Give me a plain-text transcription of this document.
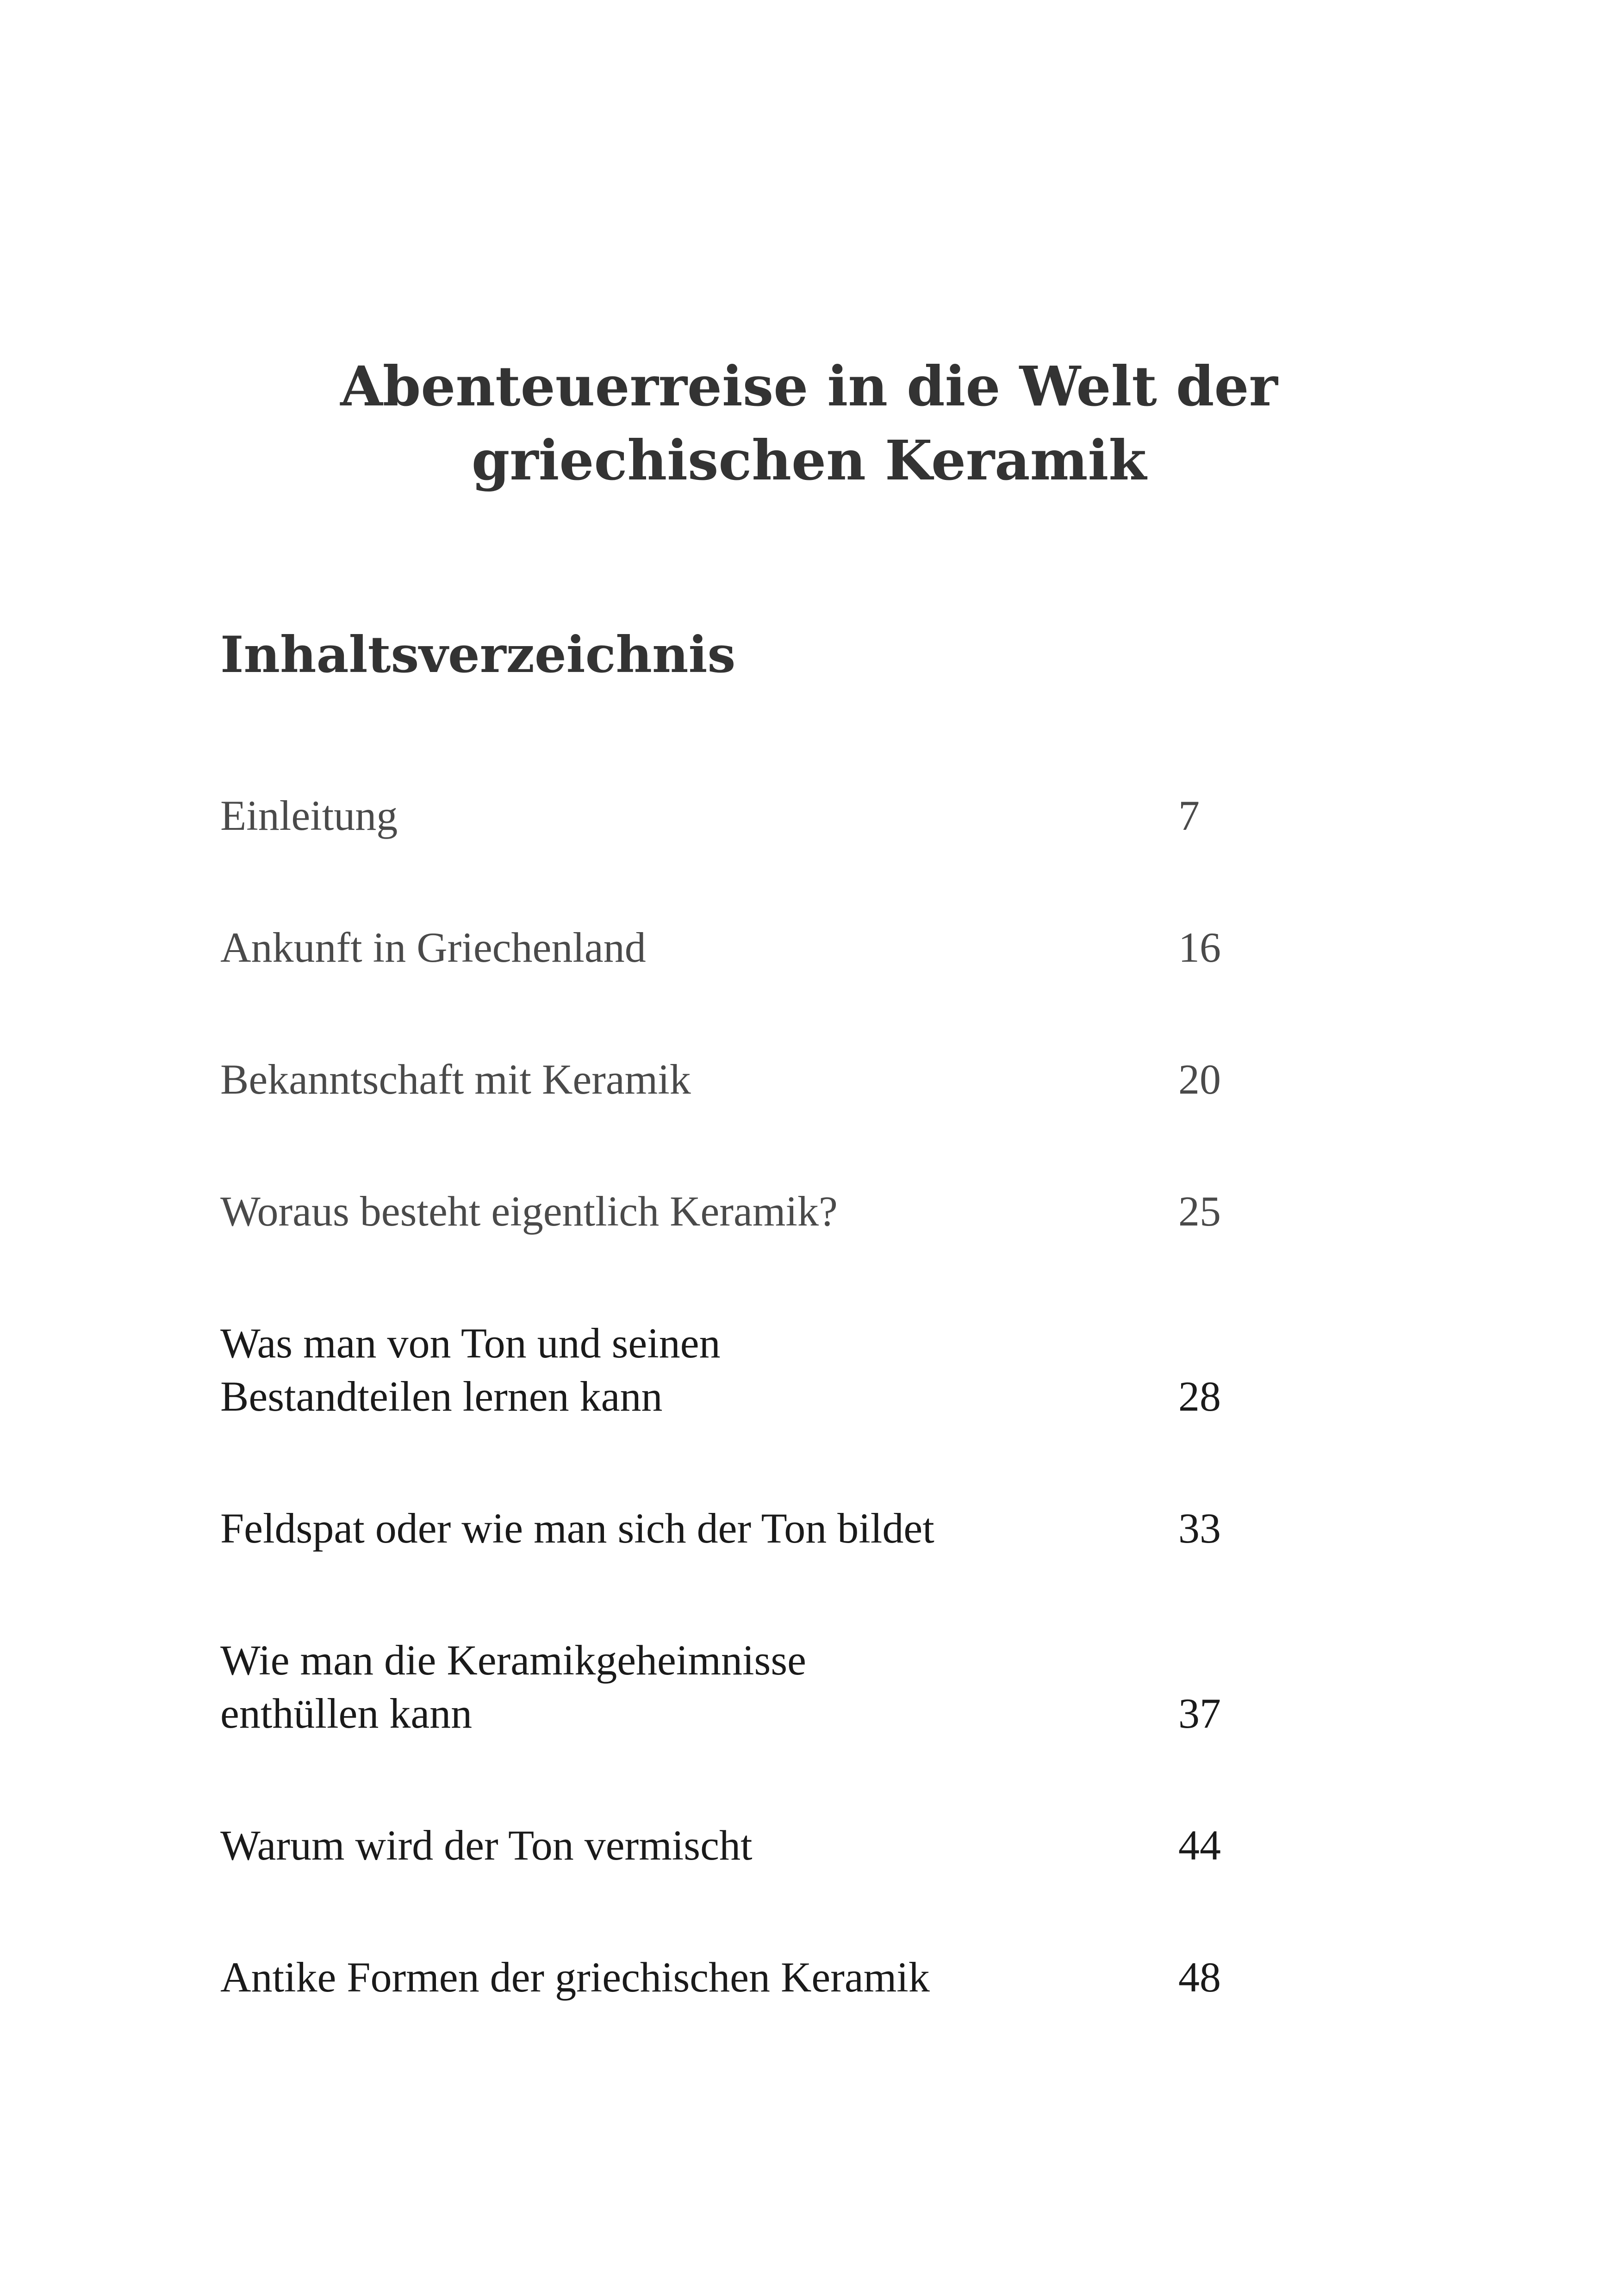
Abenteuerreise in die Welt der
griechischen Keramik
Inhaltsverzeichnis
Einleitung	7
Ankunft in Griechenland	16
Bekanntschaft mit Keramik	20
Woraus besteht eigentlich Keramik?	25
Was man von Ton und seinen
Bestandteilen lernen kann	28
Feldspat oder wie man sich der Ton bildet	33
Wie man die Keramikgeheimnisse
enthüllen kann	37
Warum wird der Ton vermischt	44
Antike Formen der griechischen Keramik	48
